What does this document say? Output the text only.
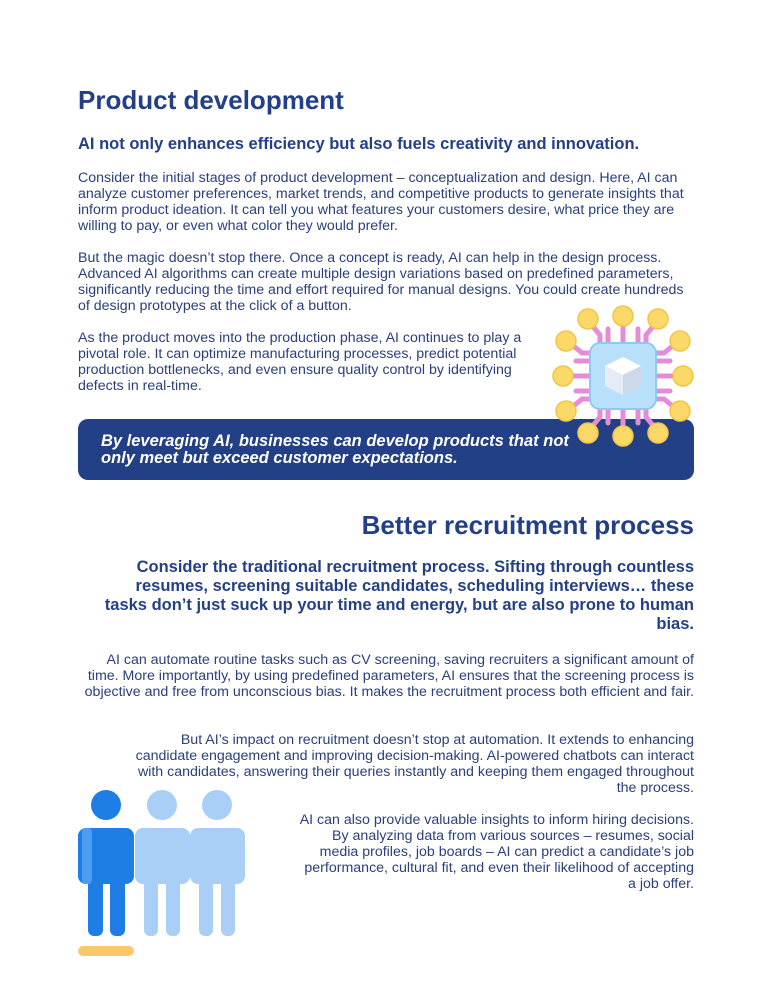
Product development

AI not only enhances efficiency but also fuels creativity and innovation.

Consider the initial stages of product development – conceptualization and design. Here, AI can analyze customer preferences, market trends, and competitive products to generate insights that inform product ideation. It can tell you what features your customers desire, what price they are willing to pay, or even what color they would prefer.

But the magic doesn’t stop there. Once a concept is ready, AI can help in the design process. Advanced AI algorithms can create multiple design variations based on predefined parameters, significantly reducing the time and effort required for manual designs. You could create hundreds of design prototypes at the click of a button.

As the product moves into the production phase, AI continues to play a pivotal role. It can optimize manufacturing processes, predict potential production bottlenecks, and even ensure quality control by identifying defects in real-time.

By leveraging AI, businesses can develop products that not only meet but exceed customer expectations.
Better recruitment process

Consider the traditional recruitment process. Sifting through countless resumes, screening suitable candidates, scheduling interviews… these tasks don’t just suck up your time and energy, but are also prone to human bias.

AI can automate routine tasks such as CV screening, saving recruiters a significant amount of time. More importantly, by using predefined parameters, AI ensures that the screening process is objective and free from unconscious bias. It makes the recruitment process both efficient and fair.

But AI’s impact on recruitment doesn’t stop at automation. It extends to enhancing candidate engagement and improving decision-making. AI-powered chatbots can interact with candidates, answering their queries instantly and keeping them engaged throughout the process.

AI can also provide valuable insights to inform hiring decisions. By analyzing data from various sources – resumes, social media profiles, job boards – AI can predict a candidate’s job performance, cultural fit, and even their likelihood of accepting a job offer.
